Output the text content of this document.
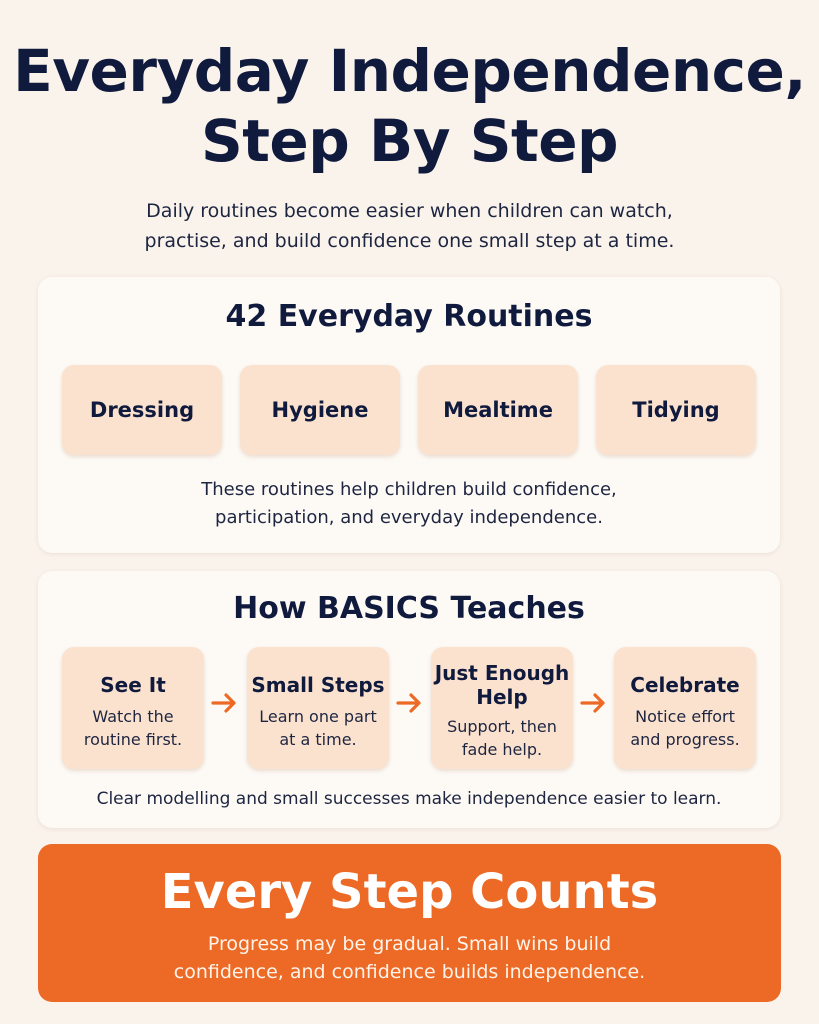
Everyday Independence,
Step By Step
Daily routines become easier when children can watch,
practise, and build confidence one small step at a time.
42 Everyday Routines
Dressing	Hygiene	Mealtime	Tidying
These routines help children build confidence,
participation, and everyday independence.
How BASICS Teaches
See It
Watch the
routine first.
Small Steps
Learn one part
at a time.
Just Enough
Help
Support, then
fade help.
Celebrate
Notice effort
and progress.
Clear modelling and small successes make independence easier to learn.
Every Step Counts
Progress may be gradual. Small wins build
confidence, and confidence builds independence.
